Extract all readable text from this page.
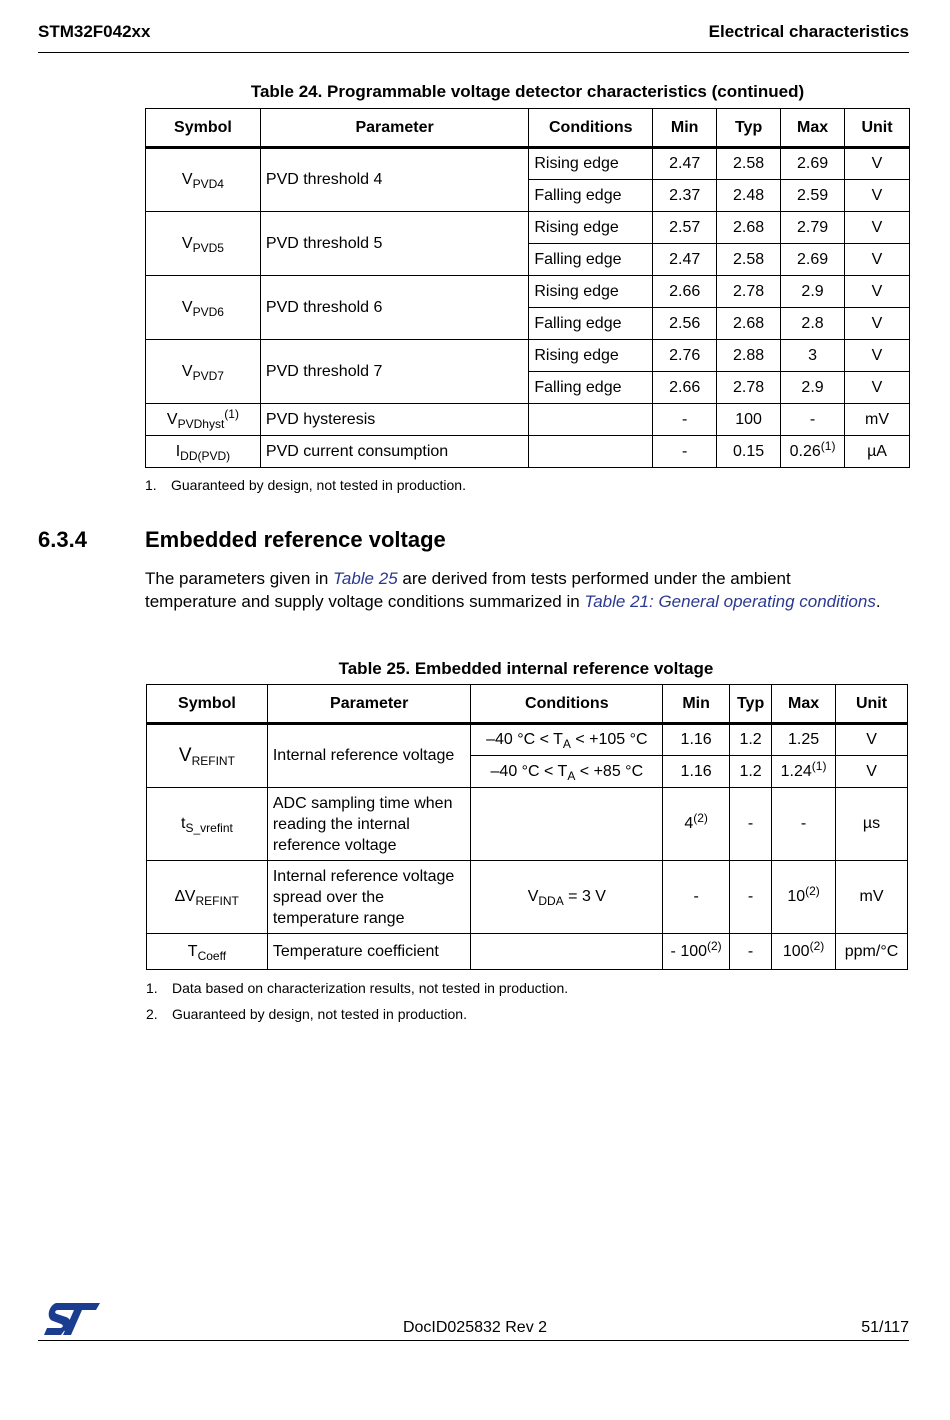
STM32F042xx	Electrical characteristics
Table 24. Programmable voltage detector characteristics (continued)
Symbol	Parameter	Conditions	Min	Typ	Max	Unit
$V_{PVD4}$	PVD threshold 4	Rising edge	2.47	2.58	2.69	V
		Falling edge	2.37	2.48	2.59	V
$V_{PVD5}$	PVD threshold 5	Rising edge	2.57	2.68	2.79	V
		Falling edge	2.47	2.58	2.69	V
$V_{PVD6}$	PVD threshold 6	Rising edge	2.66	2.78	2.9	V
		Falling edge	2.56	2.68	2.8	V
$V_{PVD7}$	PVD threshold 7	Rising edge	2.76	2.88	3	V
		Falling edge	2.66	2.78	2.9	V
$V_{PVDhyst}^{(1)}$	PVD hysteresis		-	100	-	mV
$I_{DD(PVD)}$	PVD current consumption		-	0.15	0.26$^{(1)}$	µA
1. Guaranteed by design, not tested in production.
6.3.4	Embedded reference voltage
The parameters given in Table 25 are derived from tests performed under the ambient temperature and supply voltage conditions summarized in Table 21: General operating conditions.
Table 25. Embedded internal reference voltage
Symbol	Parameter	Conditions	Min	Typ	Max	Unit
$V_{REFINT}$	Internal reference voltage	–40 $^\circ C < T_A < +105$ °C	1.16	1.2	1.25	V
		–40 $^\circ C < T_A < +85$ °C	1.16	1.2	1.24$^{(1)}$	V
$t_{S\_vrefint}$	ADC sampling time when reading the internal reference voltage		4$^{(2)}$	-	-	µs
$\Delta V_{REFINT}$	Internal reference voltage spread over the temperature range	$V_{DDA} = 3$ V	-	-	10$^{(2)}$	mV
$T_{Coeff}$	Temperature coefficient		- 100$^{(2)}$	-	100$^{(2)}$	ppm/°C
1. Data based on characterization results, not tested in production.
2. Guaranteed by design, not tested in production.
DocID025832 Rev 2	51/117
